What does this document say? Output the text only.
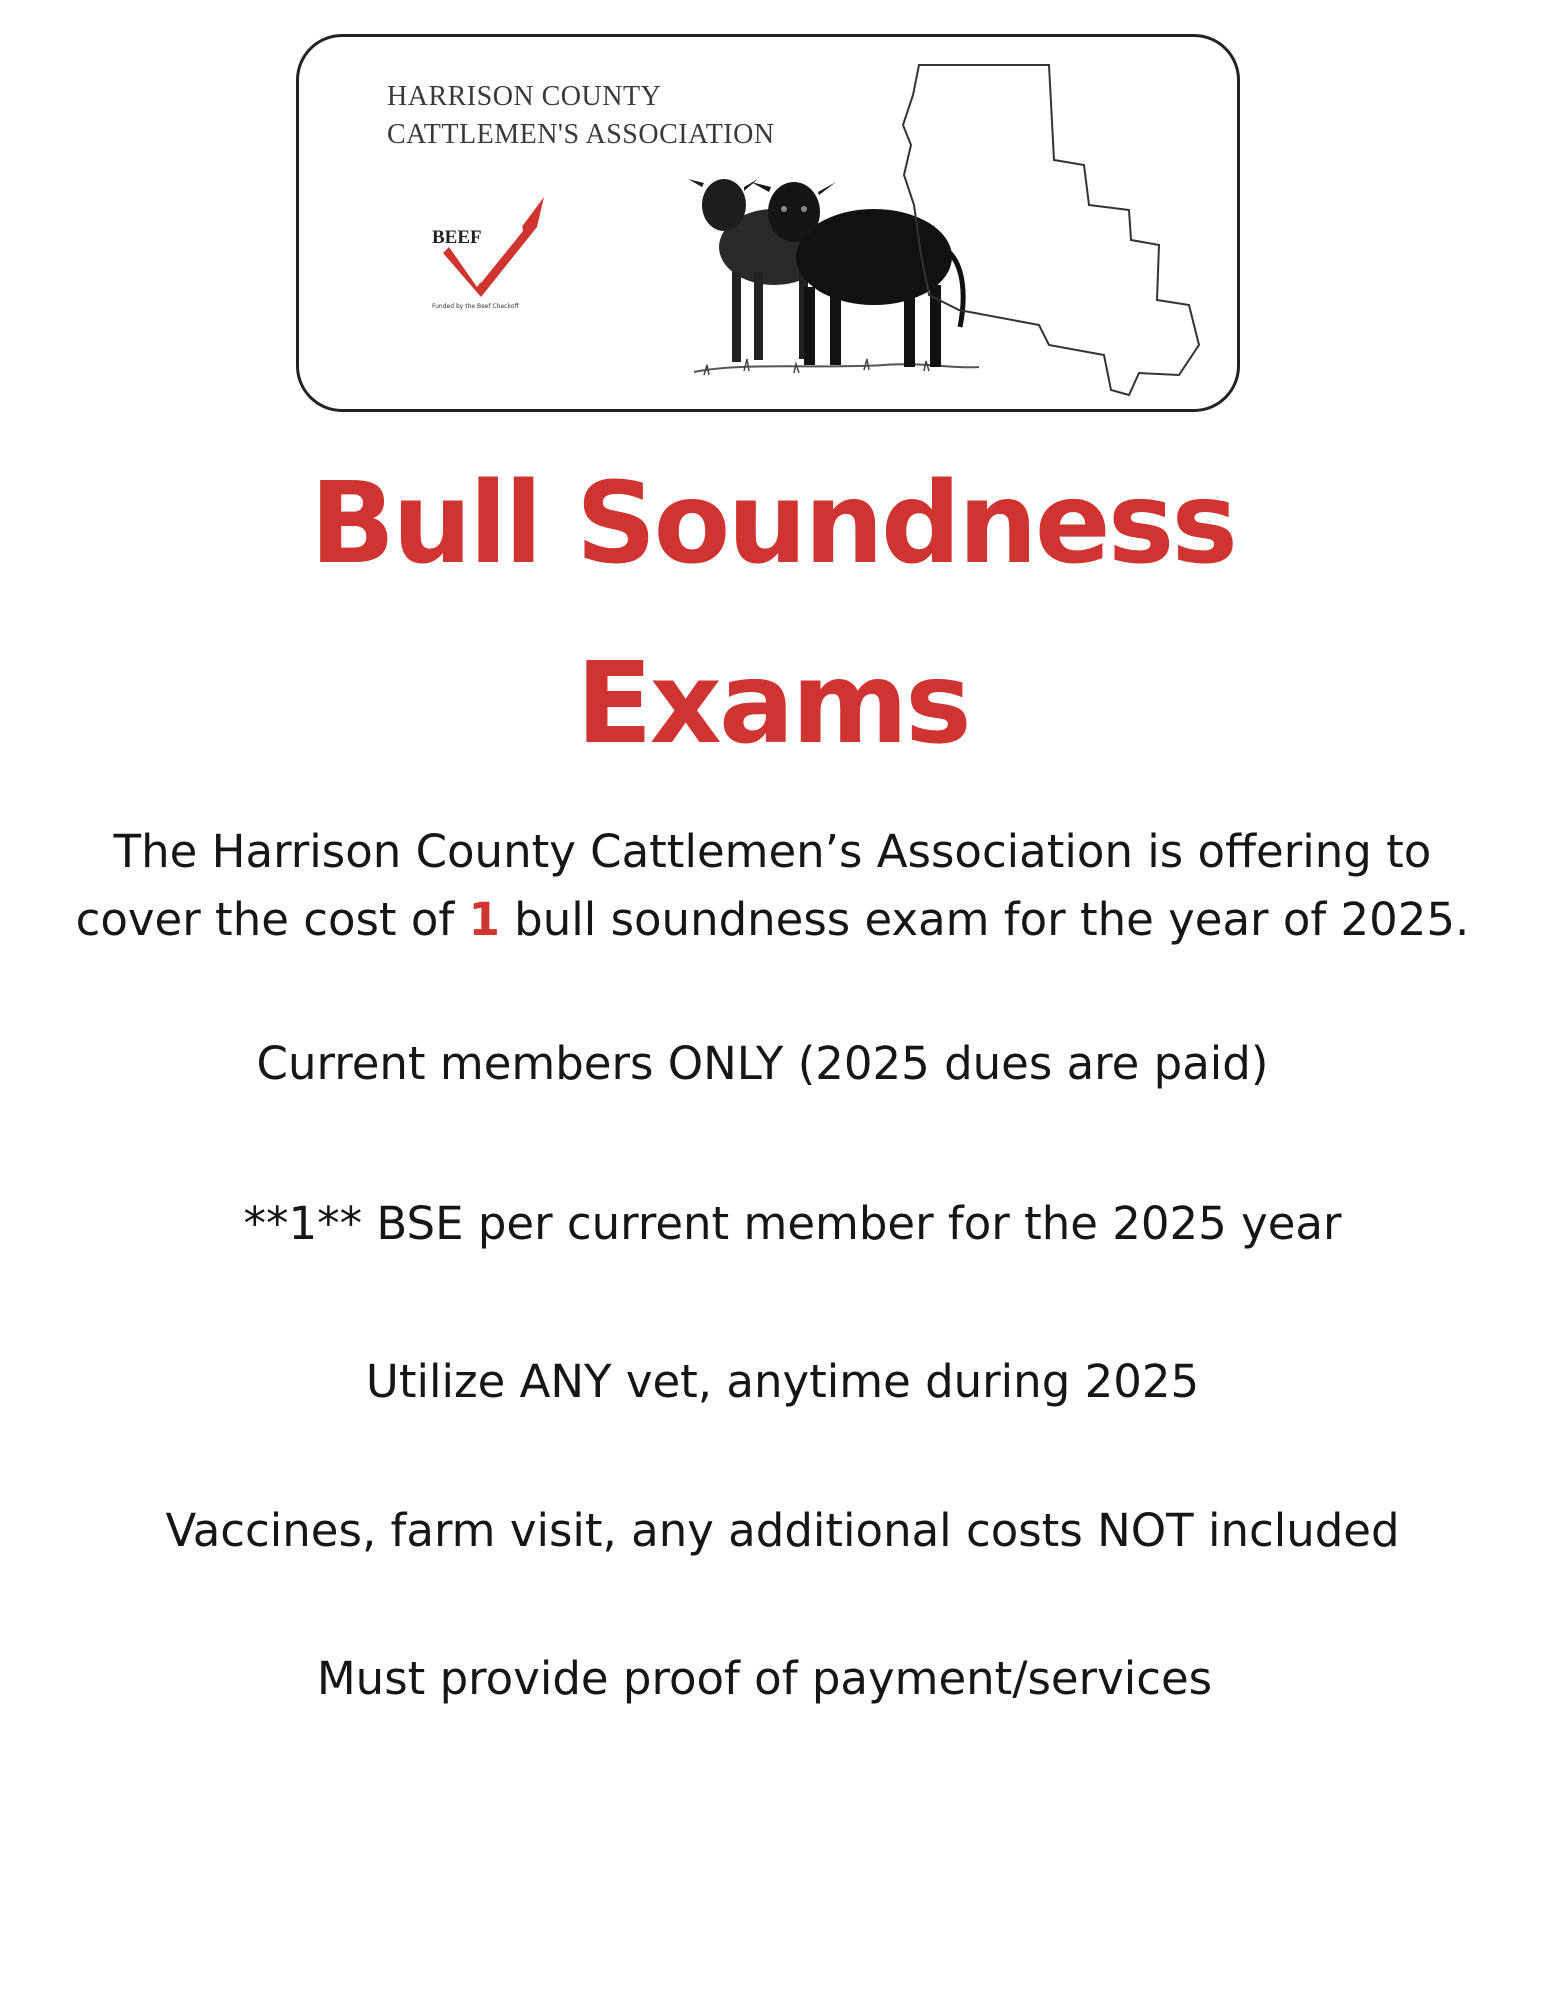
HARRISON COUNTY
CATTLEMEN'S ASSOCIATION
BEEF
Funded by the Beef Checkoff
Bull Soundness
Exams
The Harrison County Cattlemen’s Association is offering to
cover the cost of 1 bull soundness exam for the year of 2025.
Current members ONLY (2025 dues are paid)
**1** BSE per current member for the 2025 year
Utilize ANY vet, anytime during 2025
Vaccines, farm visit, any additional costs NOT included
Must provide proof of payment/services
